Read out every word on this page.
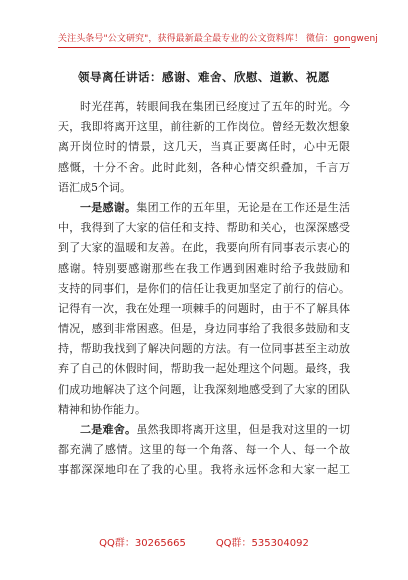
关注头条号"公文研究"，获得最新最全最专业的公文资料库！ 微信：gongwenj
领导离任讲话：感谢、难舍、欣慰、道歉、祝愿

时光荏苒，转眼间我在集团已经度过了五年的时光。今
天，我即将离开这里，前往新的工作岗位。曾经无数次想象
离开岗位时的情景，这几天，当真正要离任时，心中无限
感慨，十分不舍。此时此刻，各种心情交织叠加，千言万
语汇成5个词。

一是感谢。集团工作的五年里，无论是在工作还是生活
中，我得到了大家的信任和支持、帮助和关心，也深深感受
到了大家的温暖和友善。在此，我要向所有同事表示衷心的
感谢。特别要感谢那些在我工作遇到困难时给予我鼓励和
支持的同事们，是你们的信任让我更加坚定了前行的信心。
记得有一次，我在处理一项棘手的问题时，由于不了解具体
情况，感到非常困惑。但是，身边同事给了我很多鼓励和支
持，帮助我找到了解决问题的方法。有一位同事甚至主动放
弃了自己的休假时间，帮助我一起处理这个问题。最终，我
们成功地解决了这个问题，让我深刻地感受到了大家的团队
精神和协作能力。

二是难舍。虽然我即将离开这里，但是我对这里的一切
都充满了感情。这里的每一个角落、每一个人、每一个故
事都深深地印在了我的心里。我将永远怀念和大家一起工

QQ群：30265665	QQ群：535304092
